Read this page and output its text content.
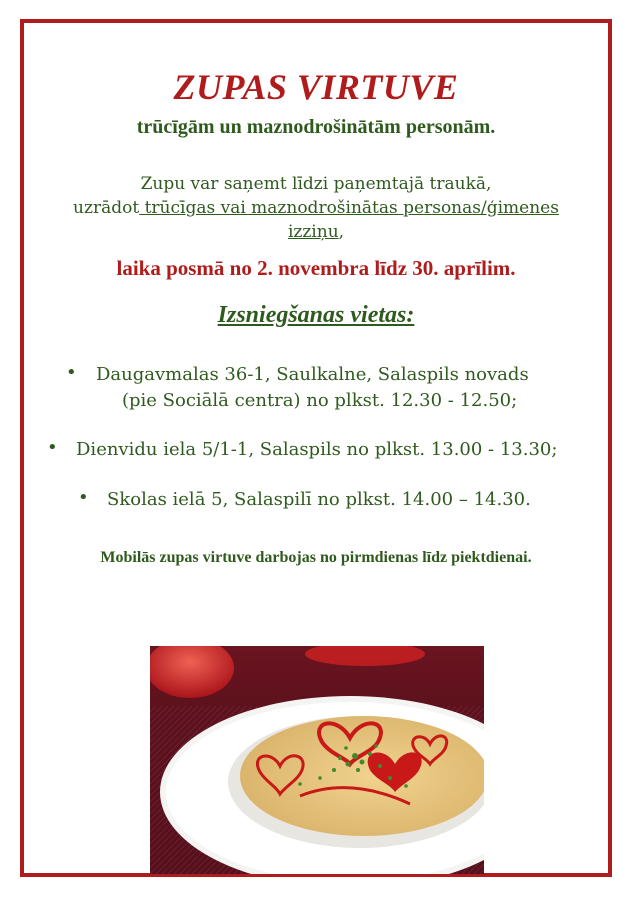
ZUPAS VIRTUVE

trūcīgām un maznodrošinātām personām.

Zupu var saņemt līdzi paņemtajā traukā,
uzrādot trūcīgas vai maznodrošinātas personas/ģimenes
izziņu,

laika posmā no 2. novembra līdz 30. aprīlim.

Izsniegšanas vietas:

• Daugavmalas 36-1, Saulkalne, Salaspils novads

(pie Sociālā centra) no plkst. 12.30 - 12.50;

• Dienvidu iela 5/1-1, Salaspils no plkst. 13.00 - 13.30;

• Skolas ielā 5, Salaspilī no plkst. 14.00 – 14.30.

Mobilās zupas virtuve darbojas no pirmdienas līdz piektdienai.
